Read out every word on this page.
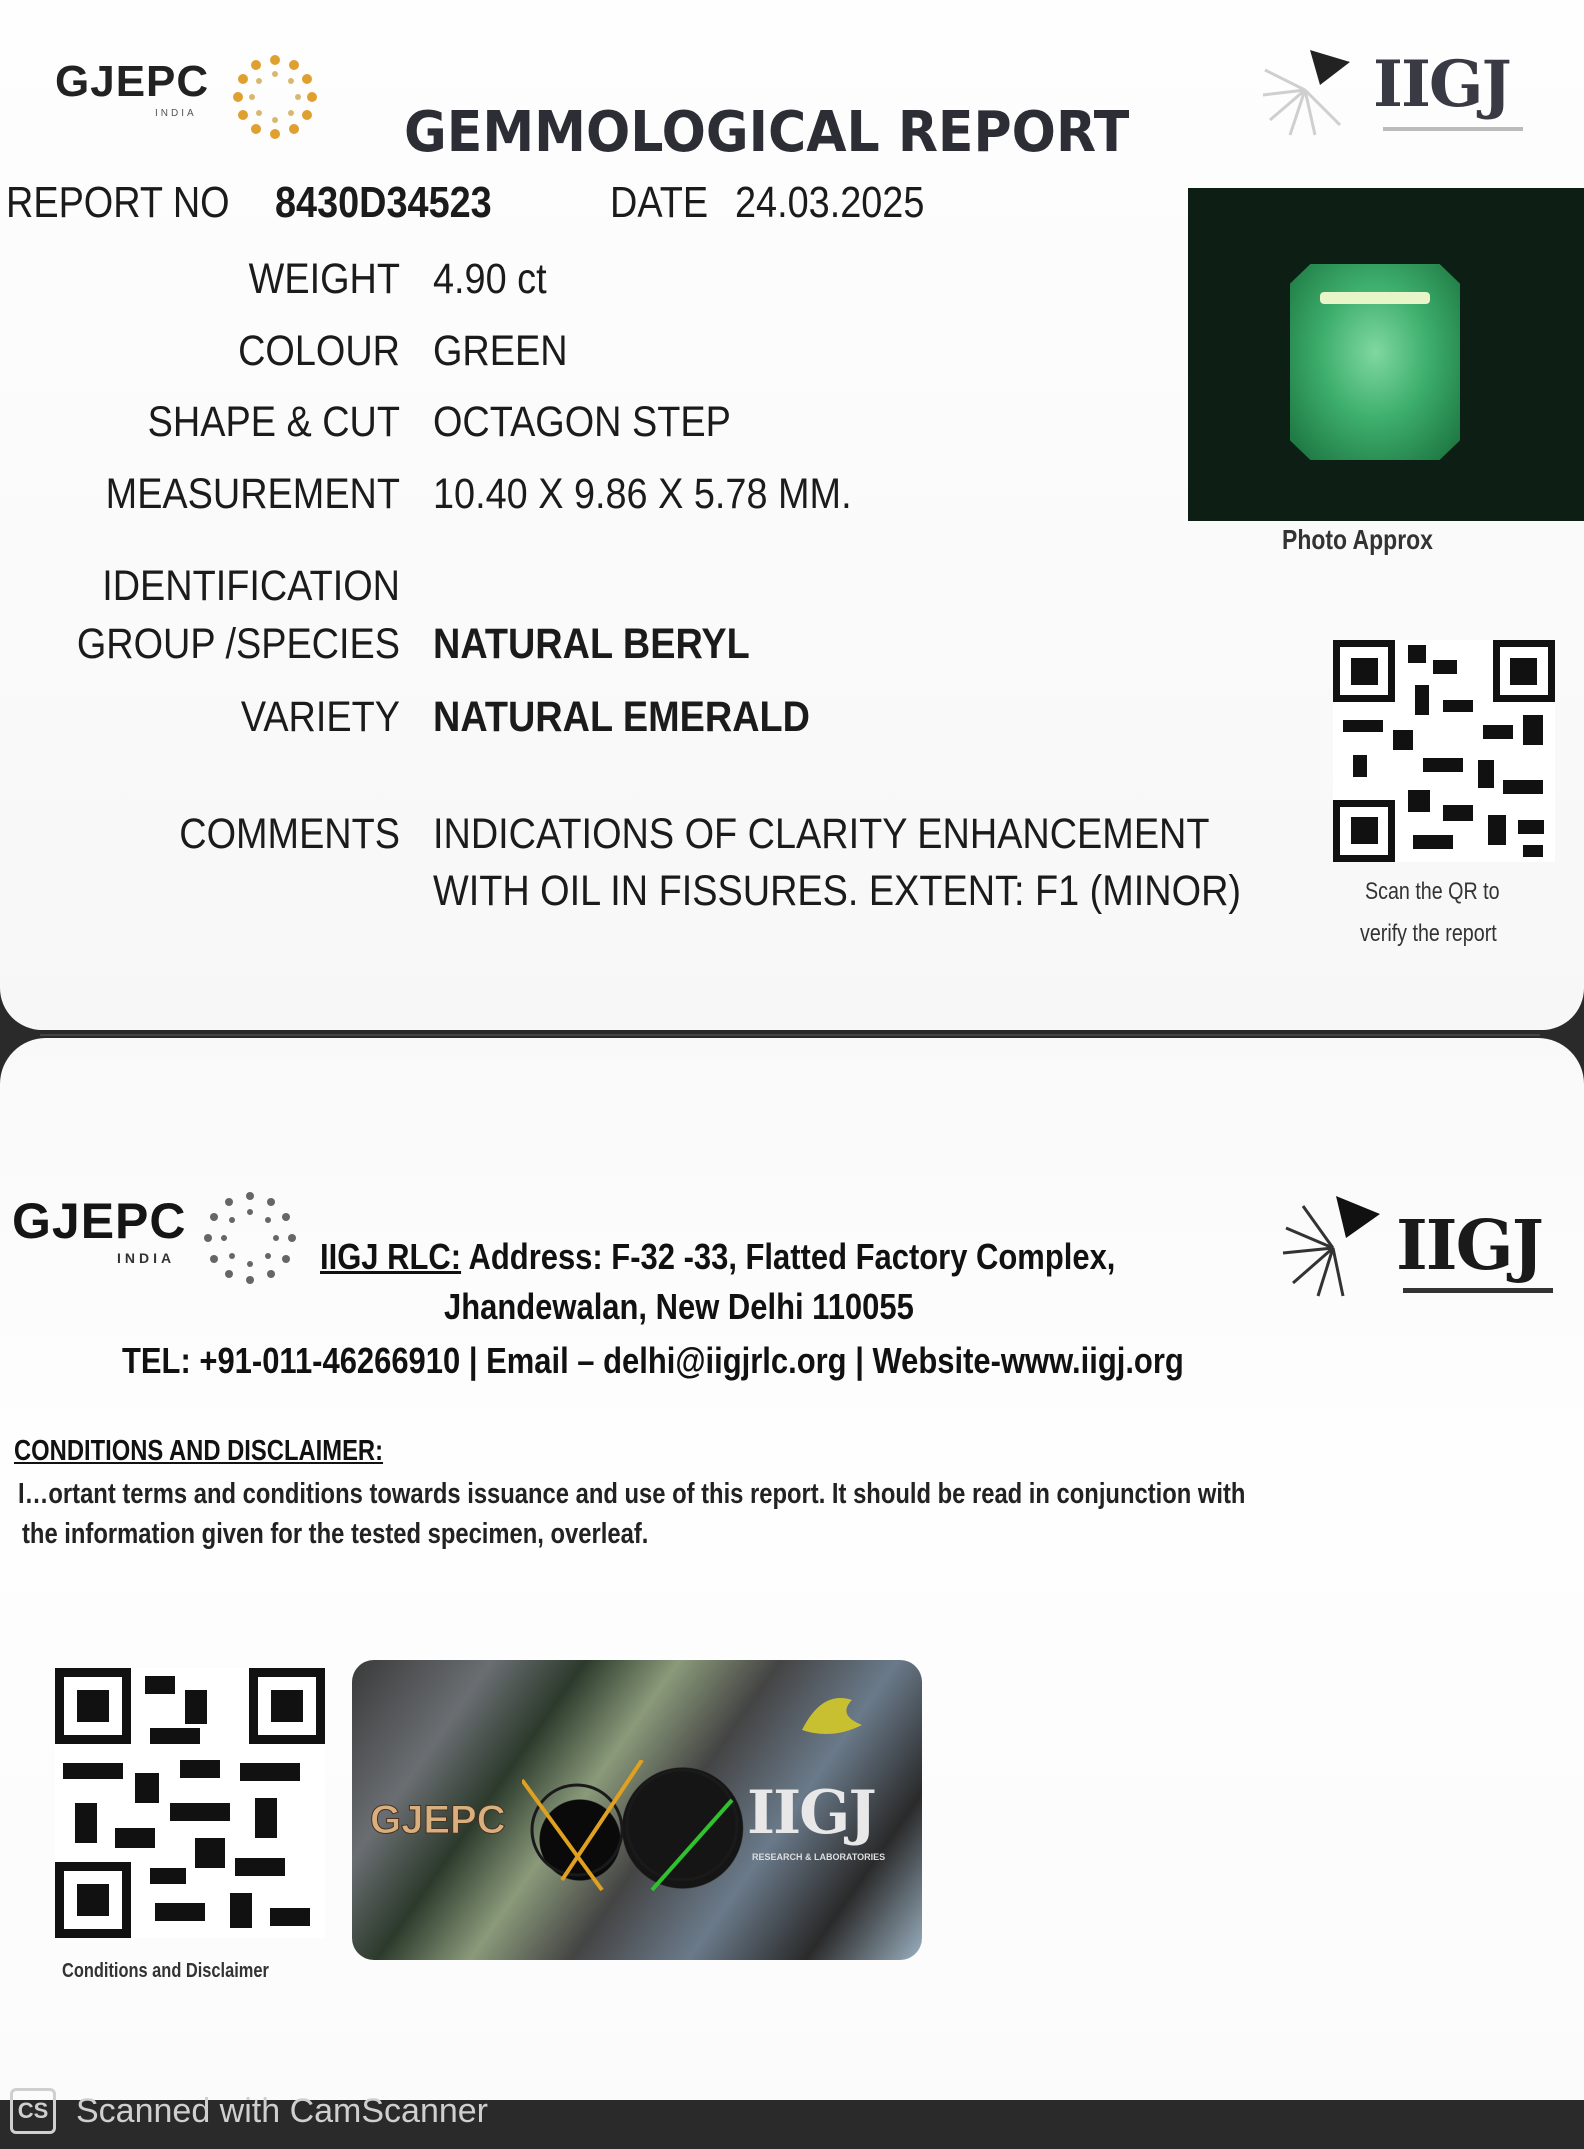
GJEPC
INDIA	IIGJ
GEMMOLOGICAL REPORT
REPORT NO 8430D34523	DATE 24.03.2025
WEIGHT 4.90 ct
COLOUR GREEN
SHAPE & CUT OCTAGON STEP
MEASUREMENT 10.40 X 9.86 X 5.78 MM.
IDENTIFICATION
GROUP /SPECIES NATURAL BERYL
VARIETY NATURAL EMERALD
COMMENTS INDICATIONS OF CLARITY ENHANCEMENT
WITH OIL IN FISSURES. EXTENT: F1 (MINOR)
Photo Approx
Scan the QR to
verify the report
GJEPC
INDIA	IIGJ
IIGJ RLC: Address: F-32 -33, Flatted Factory Complex,
Jhandewalan, New Delhi 110055
TEL: +91-011-46266910 | Email – delhi@iigjrlc.org | Website-www.iigj.org
CONDITIONS AND DISCLAIMER:
I…ortant terms and conditions towards issuance and use of this report. It should be read in conjunction with
the information given for the tested specimen, overleaf.
Conditions and Disclaimer
GJEPC	IIGJ
RESEARCH & LABORATORIES
CS Scanned with CamScanner
